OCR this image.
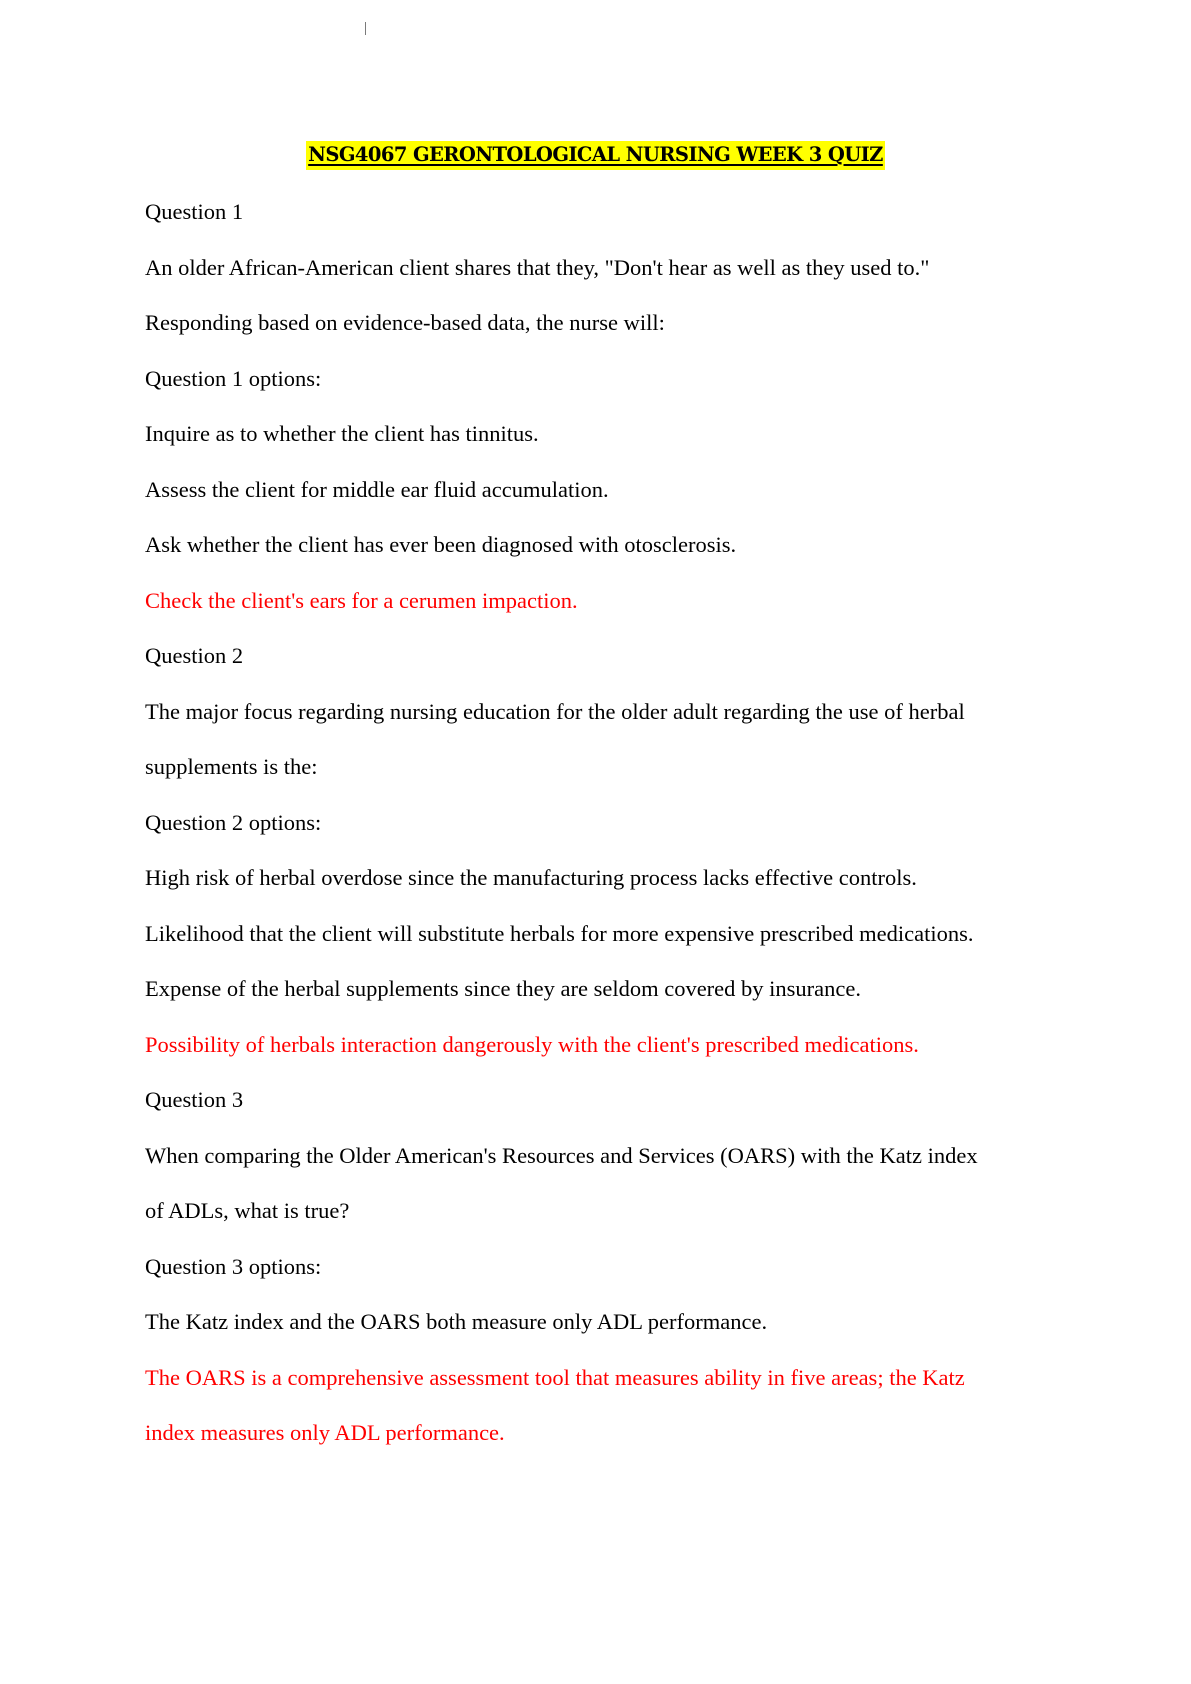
NSG4067 GERONTOLOGICAL NURSING WEEK 3 QUIZ
Question 1
An older African-American client shares that they, "Don't hear as well as they used to."
Responding based on evidence-based data, the nurse will:
Question 1 options:
Inquire as to whether the client has tinnitus.
Assess the client for middle ear fluid accumulation.
Ask whether the client has ever been diagnosed with otosclerosis.
Check the client's ears for a cerumen impaction.
Question 2
The major focus regarding nursing education for the older adult regarding the use of herbal
supplements is the:
Question 2 options:
High risk of herbal overdose since the manufacturing process lacks effective controls.
Likelihood that the client will substitute herbals for more expensive prescribed medications.
Expense of the herbal supplements since they are seldom covered by insurance.
Possibility of herbals interaction dangerously with the client's prescribed medications.
Question 3
When comparing the Older American's Resources and Services (OARS) with the Katz index
of ADLs, what is true?
Question 3 options:
The Katz index and the OARS both measure only ADL performance.
The OARS is a comprehensive assessment tool that measures ability in five areas; the Katz
index measures only ADL performance.
